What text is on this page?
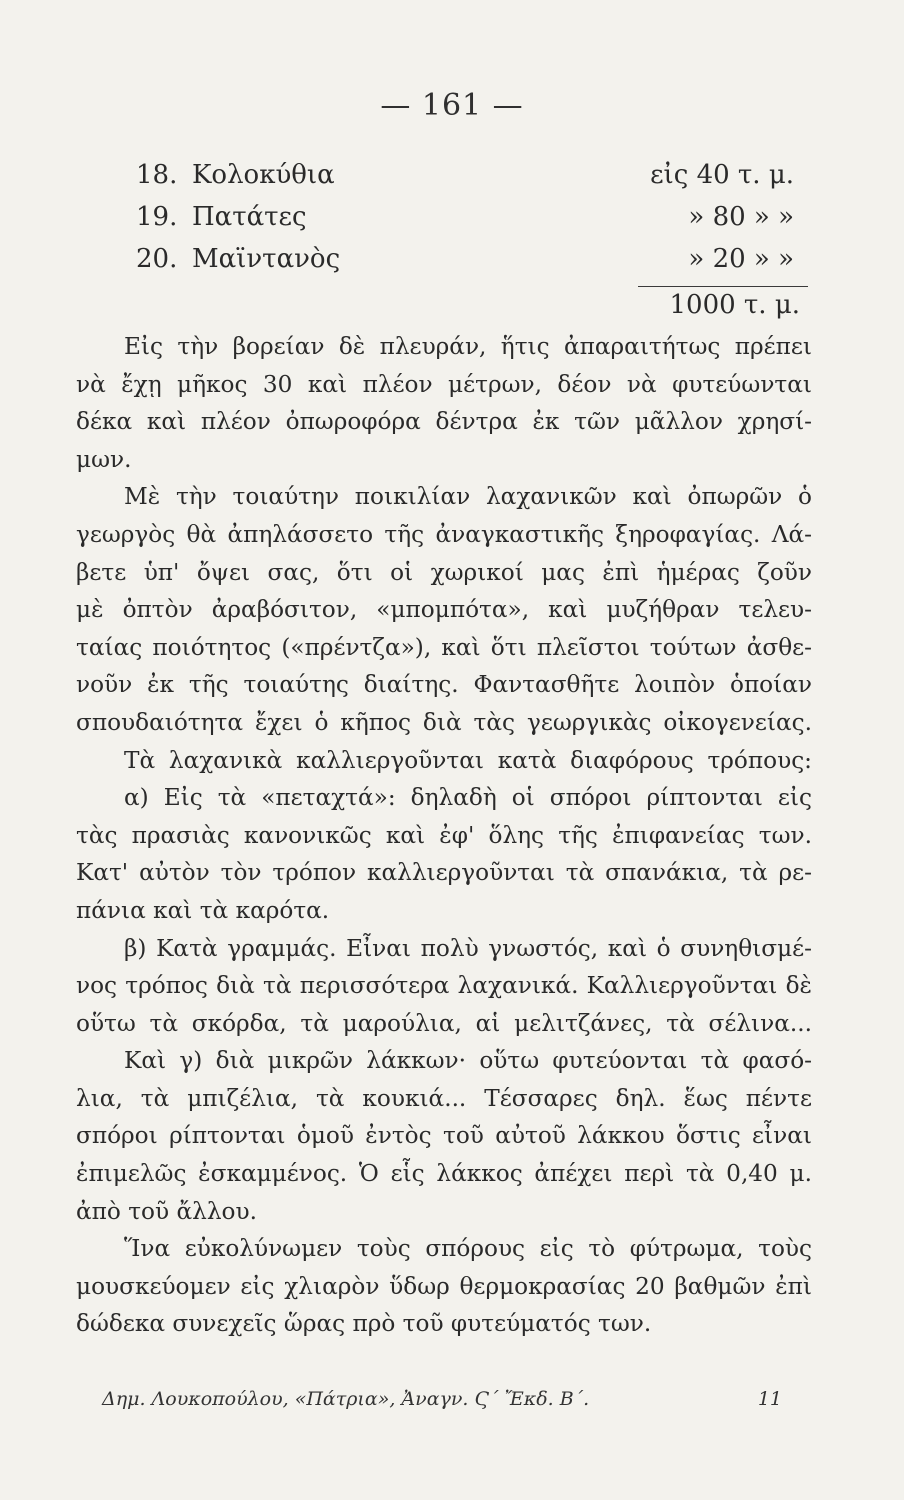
— 161 —
18. Κολοκύθια	εἰς 40 τ. μ.
19. Πατάτες	» 80 » »
20. Μαϊντανὸς	» 20 » »
1000 τ. μ.
Εἰς τὴν βορείαν δὲ πλευράν, ἥτις ἀπαραιτήτως πρέπει
νὰ ἔχῃ μῆκος 30 καὶ πλέον μέτρων, δέον νὰ φυτεύωνται
δέκα καὶ πλέον ὀπωροφόρα δέντρα ἐκ τῶν μᾶλλον χρησί-
μων.
Μὲ τὴν τοιαύτην ποικιλίαν λαχανικῶν καὶ ὀπωρῶν ὁ
γεωργὸς θὰ ἀπηλάσσετο τῆς ἀναγκαστικῆς ξηροφαγίας. Λά-
βετε ὑπ' ὄψει σας, ὅτι οἱ χωρικοί μας ἐπὶ ἡμέρας ζοῦν
μὲ ὀπτὸν ἀραβόσιτον, «μπομπότα», καὶ μυζήθραν τελευ-
ταίας ποιότητος («πρέντζα»), καὶ ὅτι πλεῖστοι τούτων ἀσθε-
νοῦν ἐκ τῆς τοιαύτης διαίτης. Φαντασθῆτε λοιπὸν ὁποίαν
σπουδαιότητα ἔχει ὁ κῆπος διὰ τὰς γεωργικὰς οἰκογενείας.
Τὰ λαχανικὰ καλλιεργοῦνται κατὰ διαφόρους τρόπους:
α) Εἰς τὰ «πεταχτά»: δηλαδὴ οἱ σπόροι ρίπτονται εἰς
τὰς πρασιὰς κανονικῶς καὶ ἐφ' ὅλης τῆς ἐπιφανείας των.
Κατ' αὐτὸν τὸν τρόπον καλλιεργοῦνται τὰ σπανάκια, τὰ ρε-
πάνια καὶ τὰ καρότα.
β) Κατὰ γραμμάς. Εἶναι πολὺ γνωστός, καὶ ὁ συνηθισμέ-
νος τρόπος διὰ τὰ περισσότερα λαχανικά. Καλλιεργοῦνται δὲ
οὕτω τὰ σκόρδα, τὰ μαρούλια, αἱ μελιτζάνες, τὰ σέλινα...
Καὶ γ) διὰ μικρῶν λάκκων· οὕτω φυτεύονται τὰ φασό-
λια, τὰ μπιζέλια, τὰ κουκιά... Τέσσαρες δηλ. ἕως πέντε
σπόροι ρίπτονται ὁμοῦ ἐντὸς τοῦ αὐτοῦ λάκκου ὅστις εἶναι
ἐπιμελῶς ἐσκαμμένος. Ὁ εἷς λάκκος ἀπέχει περὶ τὰ 0,40 μ.
ἀπὸ τοῦ ἄλλου.
Ἵνα εὐκολύνωμεν τοὺς σπόρους εἰς τὸ φύτρωμα, τοὺς
μουσκεύομεν εἰς χλιαρὸν ὕδωρ θερμοκρασίας 20 βαθμῶν ἐπὶ
δώδεκα συνεχεῖς ὥρας πρὸ τοῦ φυτεύματός των.
Δημ. Λουκοπούλου, «Πάτρια», Ἀναγν. Ϛ΄ Ἔκδ. Β΄.	11
